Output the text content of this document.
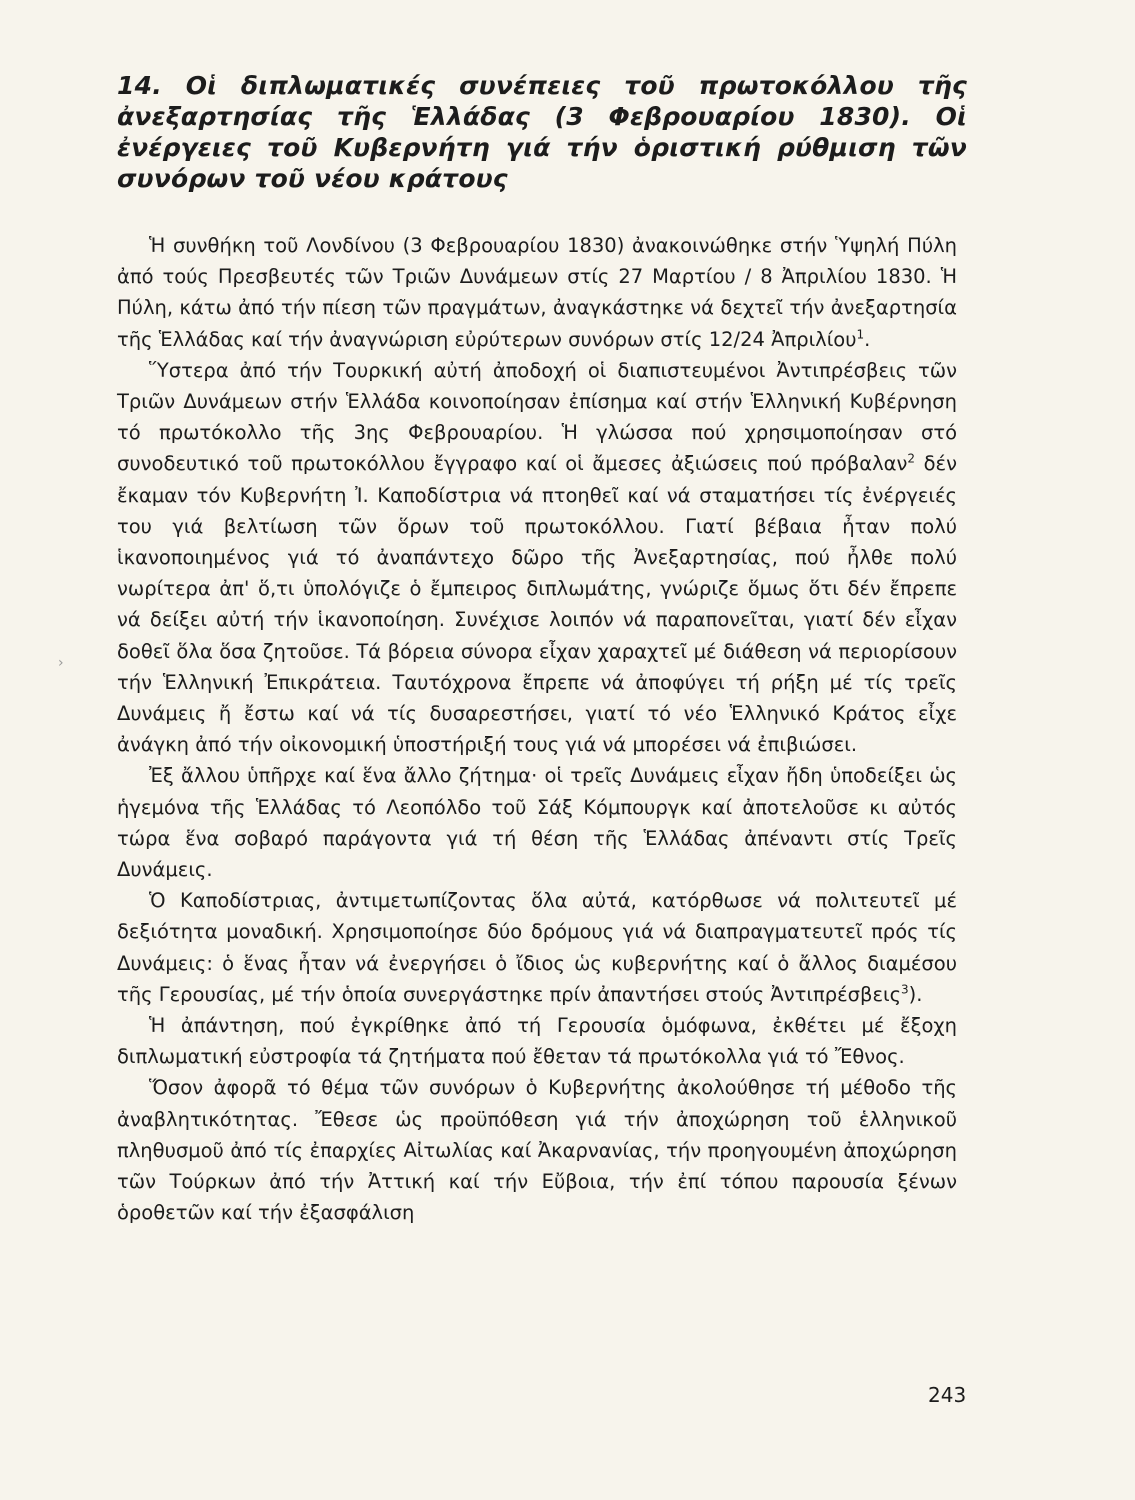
14. Οἱ διπλωματικές συνέπειες τοῦ πρωτοκόλλου τῆς ἀνεξαρτησίας τῆς Ἑλλάδας (3 Φεβρουαρίου 1830). Οἱ ἐνέργειες τοῦ Κυβερνήτη γιά τήν ὁριστική ρύθμιση τῶν συνόρων τοῦ νέου κράτους

Ἡ συνθήκη τοῦ Λονδίνου (3 Φεβρουαρίου 1830) ἀνακοινώθηκε στήν Ὑψηλή Πύλη ἀπό τούς Πρεσβευτές τῶν Τριῶν Δυνάμεων στίς 27 Μαρτίου / 8 Ἀπριλίου 1830. Ἡ Πύλη, κάτω ἀπό τήν πίεση τῶν πραγμάτων, ἀναγκάστηκε νά δεχτεῖ τήν ἀνεξαρτησία τῆς Ἑλλάδας καί τήν ἀναγνώριση εὐρύτερων συνόρων στίς 12/24 Ἀπριλίου$^1$.

Ὕστερα ἀπό τήν Τουρκική αὐτή ἀποδοχή οἱ διαπιστευμένοι Ἀντιπρέσβεις τῶν Τριῶν Δυνάμεων στήν Ἑλλάδα κοινοποίησαν ἐπίσημα καί στήν Ἑλληνική Κυβέρνηση τό πρωτόκολλο τῆς 3ης Φεβρουαρίου. Ἡ γλώσσα πού χρησιμοποίησαν στό συνοδευτικό τοῦ πρωτοκόλλου ἔγγραφο καί οἱ ἄμεσες ἀξιώσεις πού πρόβαλαν$^2$ δέν ἔκαμαν τόν Κυβερνήτη Ἰ. Καποδίστρια νά πτοηθεῖ καί νά σταματήσει τίς ἐνέργειές του γιά βελτίωση τῶν ὅρων τοῦ πρωτοκόλλου. Γιατί βέβαια ἦταν πολύ ἱκανοποιημένος γιά τό ἀναπάντεχο δῶρο τῆς Ἀνεξαρτησίας, πού ἦλθε πολύ νωρίτερα ἀπ' ὅ,τι ὑπολόγιζε ὁ ἔμπειρος διπλωμάτης, γνώριζε ὅμως ὅτι δέν ἔπρεπε νά δείξει αὐτή τήν ἱκανοποίηση. Συνέχισε λοιπόν νά παραπονεῖται, γιατί δέν εἶχαν δοθεῖ ὅλα ὅσα ζητοῦσε. Τά βόρεια σύνορα εἶχαν χαραχτεῖ μέ διάθεση νά περιορίσουν τήν Ἑλληνική Ἐπικράτεια. Ταυτόχρονα ἔπρεπε νά ἀποφύγει τή ρήξη μέ τίς τρεῖς Δυνάμεις ἤ ἔστω καί νά τίς δυσαρεστήσει, γιατί τό νέο Ἑλληνικό Κράτος εἶχε ἀνάγκη ἀπό τήν οἰκονομική ὑποστήριξή τους γιά νά μπορέσει νά ἐπιβιώσει.

Ἐξ ἄλλου ὑπῆρχε καί ἕνα ἄλλο ζήτημα· οἱ τρεῖς Δυνάμεις εἶχαν ἤδη ὑποδείξει ὡς ἡγεμόνα τῆς Ἑλλάδας τό Λεοπόλδο τοῦ Σάξ Κόμπουργκ καί ἀποτελοῦσε κι αὐτός τώρα ἕνα σοβαρό παράγοντα γιά τή θέση τῆς Ἑλλάδας ἀπέναντι στίς Τρεῖς Δυνάμεις.

Ὁ Καποδίστριας, ἀντιμετωπίζοντας ὅλα αὐτά, κατόρθωσε νά πολιτευτεῖ μέ δεξιότητα μοναδική. Χρησιμοποίησε δύο δρόμους γιά νά διαπραγματευτεῖ πρός τίς Δυνάμεις: ὁ ἕνας ἦταν νά ἐνεργήσει ὁ ἴδιος ὡς κυβερνήτης καί ὁ ἄλλος διαμέσου τῆς Γερουσίας, μέ τήν ὁποία συνεργάστηκε πρίν ἀπαντήσει στούς Ἀντιπρέσβεις$^3$).

Ἡ ἀπάντηση, πού ἐγκρίθηκε ἀπό τή Γερουσία ὁμόφωνα, ἐκθέτει μέ ἔξοχη διπλωματική εὐστροφία τά ζητήματα πού ἔθεταν τά πρωτόκολλα γιά τό Ἔθνος.

Ὅσον ἀφορᾶ τό θέμα τῶν συνόρων ὁ Κυβερνήτης ἀκολούθησε τή μέθοδο τῆς ἀναβλητικότητας. Ἔθεσε ὡς προϋπόθεση γιά τήν ἀποχώρηση τοῦ ἑλληνικοῦ πληθυσμοῦ ἀπό τίς ἐπαρχίες Αἰτωλίας καί Ἀκαρνανίας, τήν προηγουμένη ἀποχώρηση τῶν Τούρκων ἀπό τήν Ἀττική καί τήν Εὔβοια, τήν ἐπί τόπου παρουσία ξένων ὁροθετῶν καί τήν ἐξασφάλιση

›

243
